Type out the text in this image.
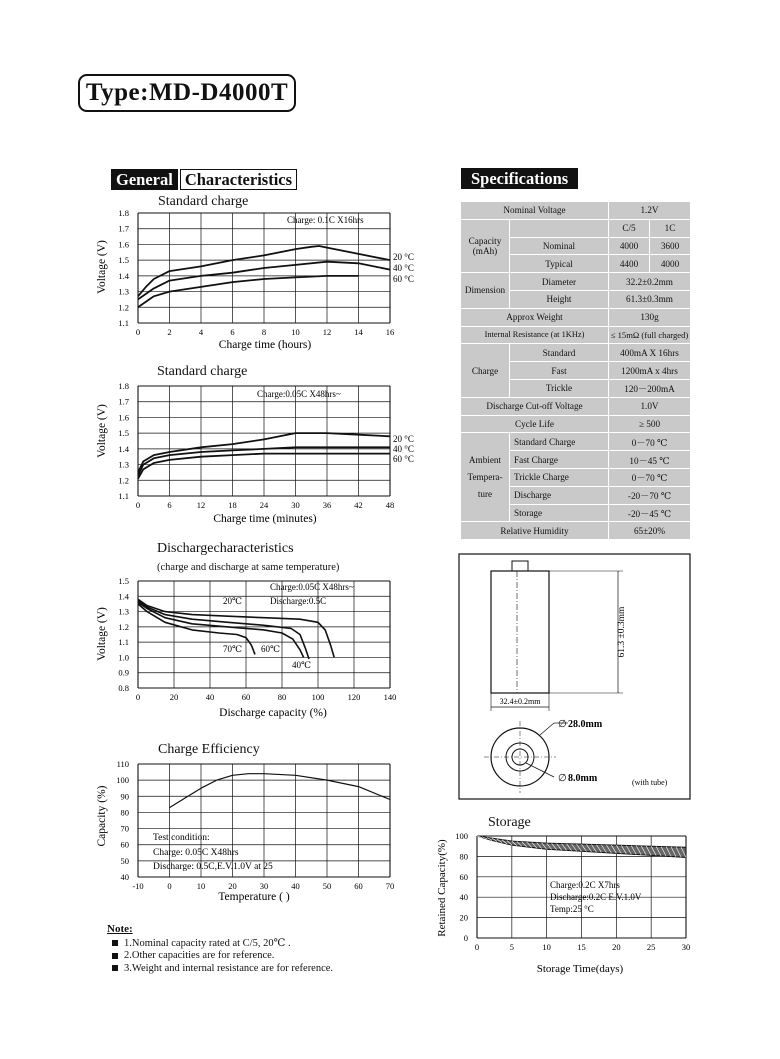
Type:MD-D4000T
General Characteristics	Specifications
Standard charge
0	2	4	6	8	10	12	14	16
1.1
1.2
1.3
1.4
1.5
1.6
1.7
1.8
Charge: 0.1C X16hrs
20 °C
40 °C
60 °C
Charge time (hours)
Voltage (V)
Standard charge
0	6	12	18	24	30	36	42	48
1.1
1.2
1.3
1.4
1.5
1.6
1.7
1.8
Charge:0.05C X48hrs~
20 °C
40 °C
60 °C
Charge time (minutes)
Voltage (V)
Dischargecharacteristics
(charge and discharge at same temperature)
0	20	40	60	80	100	120	140
0.8
0.9
1.0
1.1
1.2
1.3
1.4
1.5
Charge:0.05C X48hrs~
Discharge:0.5C
20℃
60℃
40℃
70℃
Discharge capacity (%)
Voltage (V)
Charge Efficiency
-10	0	10	20	30	40	50	60	70
40
50
60
70
80
90
100
110
Test condition:
Charge: 0.05C X48hrs
Discharge: 0.5C,E.V.1.0V at 25
Temperature ( )
Capacity (%)
Nominal Voltage		1.2V	
Capacity (mAh)		C/5	1C
	Nominal	4000	3600
	Typical	4400	4000
Dimension	Diameter	32.2±0.2mm	
	Height	61.3±0.3mm	
Approx Weight		130g	
Internal Resistance (at 1KHz)		≤ 15mΩ (full charged)	
Charge	Standard	400mA X 16hrs	
	Fast	1200mA x 4hrs	
	Trickle	120－200mA	
Discharge Cut-off Voltage		1.0V	
Cycle Life		≥ 500	
Ambient
Tempera-
ture	Standard Charge	0－70 ℃	
	Fast Charge	10－45 ℃	
	Trickle Charge	0－70 ℃	
	Discharge	-20－70 ℃	
	Storage	-20－45 ℃	
Relative Humidity		65±20%	
61.3 ±0.3mm
32.4±0.2mm
∅ 28.0mm
∅ 8.0mm	(with tube)
Storage
0	5	10	15	20	25	30
0
20
40
60
80
100
Charge:0.2C X7hrs
Discharge:0.2C E.V.1.0V
Temp:25 °C
Storage Time(days)
Retained Capacity(%)
Note:
1.Nominal capacity rated at C/5, 20℃ .
2.Other capacities are for reference.
3.Weight and internal resistance are for reference.
